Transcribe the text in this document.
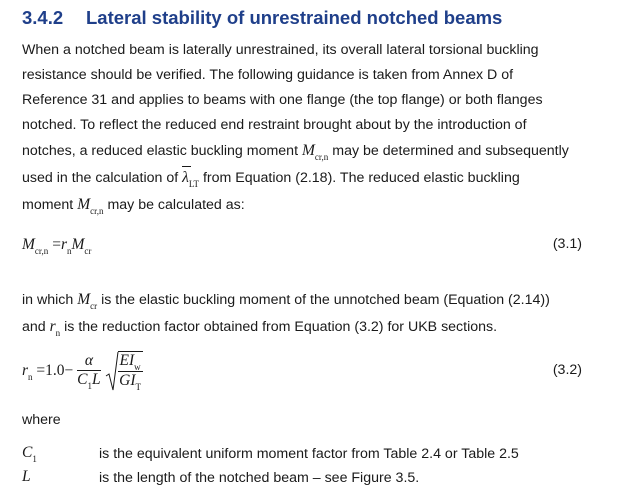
3.4.2 Lateral stability of unrestrained notched beams
When a notched beam is laterally unrestrained, its overall lateral torsional buckling
resistance should be verified. The following guidance is taken from Annex D of
Reference 31 and applies to beams with one flange (the top flange) or both flanges
notched. To reflect the reduced end restraint brought about by the introduction of
notches, a reduced elastic buckling moment $M_{cr,n}$ may be determined and subsequently
used in the calculation of $\lambda_{LT}$ from Equation (2.18). The reduced elastic buckling
moment $M_{cr,n}$ may be calculated as:
$M_{cr,n} =r_nM_{cr}$	(3.1)
in which $M_{cr}$ is the elastic buckling moment of the unnotched beam (Equation (2.14))
and $r_n$ is the reduction factor obtained from Equation (3.2) for UKB sections.
$r_n =1.0- \frac{\alpha}{C_1L}$
$\frac{EI_w}{GI_T}$	(3.2)
where
$C_1$	is the equivalent uniform moment factor from Table 2.4 or Table 2.5
L	is the length of the notched beam – see Figure 3.5.
